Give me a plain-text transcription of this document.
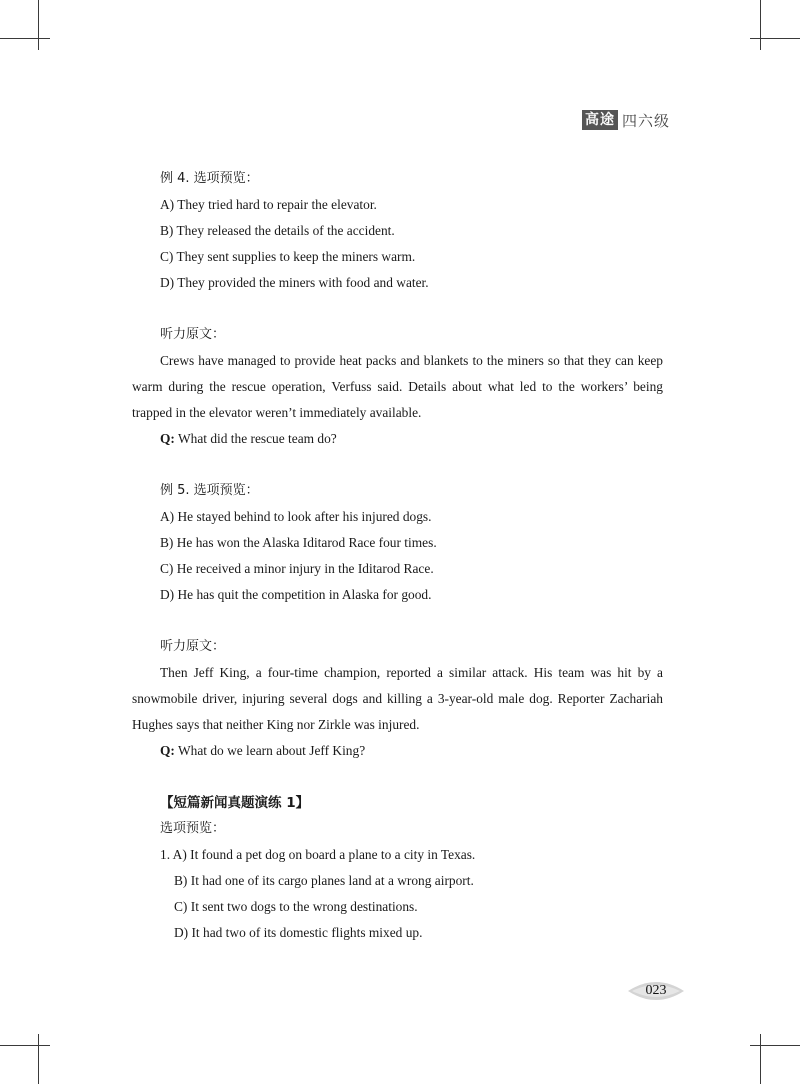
高途 四六级
例 4. 选项预览：
A) They tried hard to repair the elevator.
B) They released the details of the accident.
C) They sent supplies to keep the miners warm.
D) They provided the miners with food and water.
听力原文：

Crews have managed to provide heat packs and blankets to the miners so that they can keep warm during the rescue operation, Verfuss said. Details about what led to the workers’ being trapped in the elevator weren’t immediately available.

Q: What did the rescue team do?
例 5. 选项预览：
A) He stayed behind to look after his injured dogs.
B) He has won the Alaska Iditarod Race four times.
C) He received a minor injury in the Iditarod Race.
D) He has quit the competition in Alaska for good.
听力原文：

Then Jeff King, a four-time champion, reported a similar attack. His team was hit by a snowmobile driver, injuring several dogs and killing a 3-year-old male dog. Reporter Zachariah Hughes says that neither King nor Zirkle was injured.

Q: What do we learn about Jeff King?
【短篇新闻真题演练 1】
选项预览：
1. A) It found a pet dog on board a plane to a city in Texas.
B) It had one of its cargo planes land at a wrong airport.
C) It sent two dogs to the wrong destinations.
D) It had two of its domestic flights mixed up.
023
